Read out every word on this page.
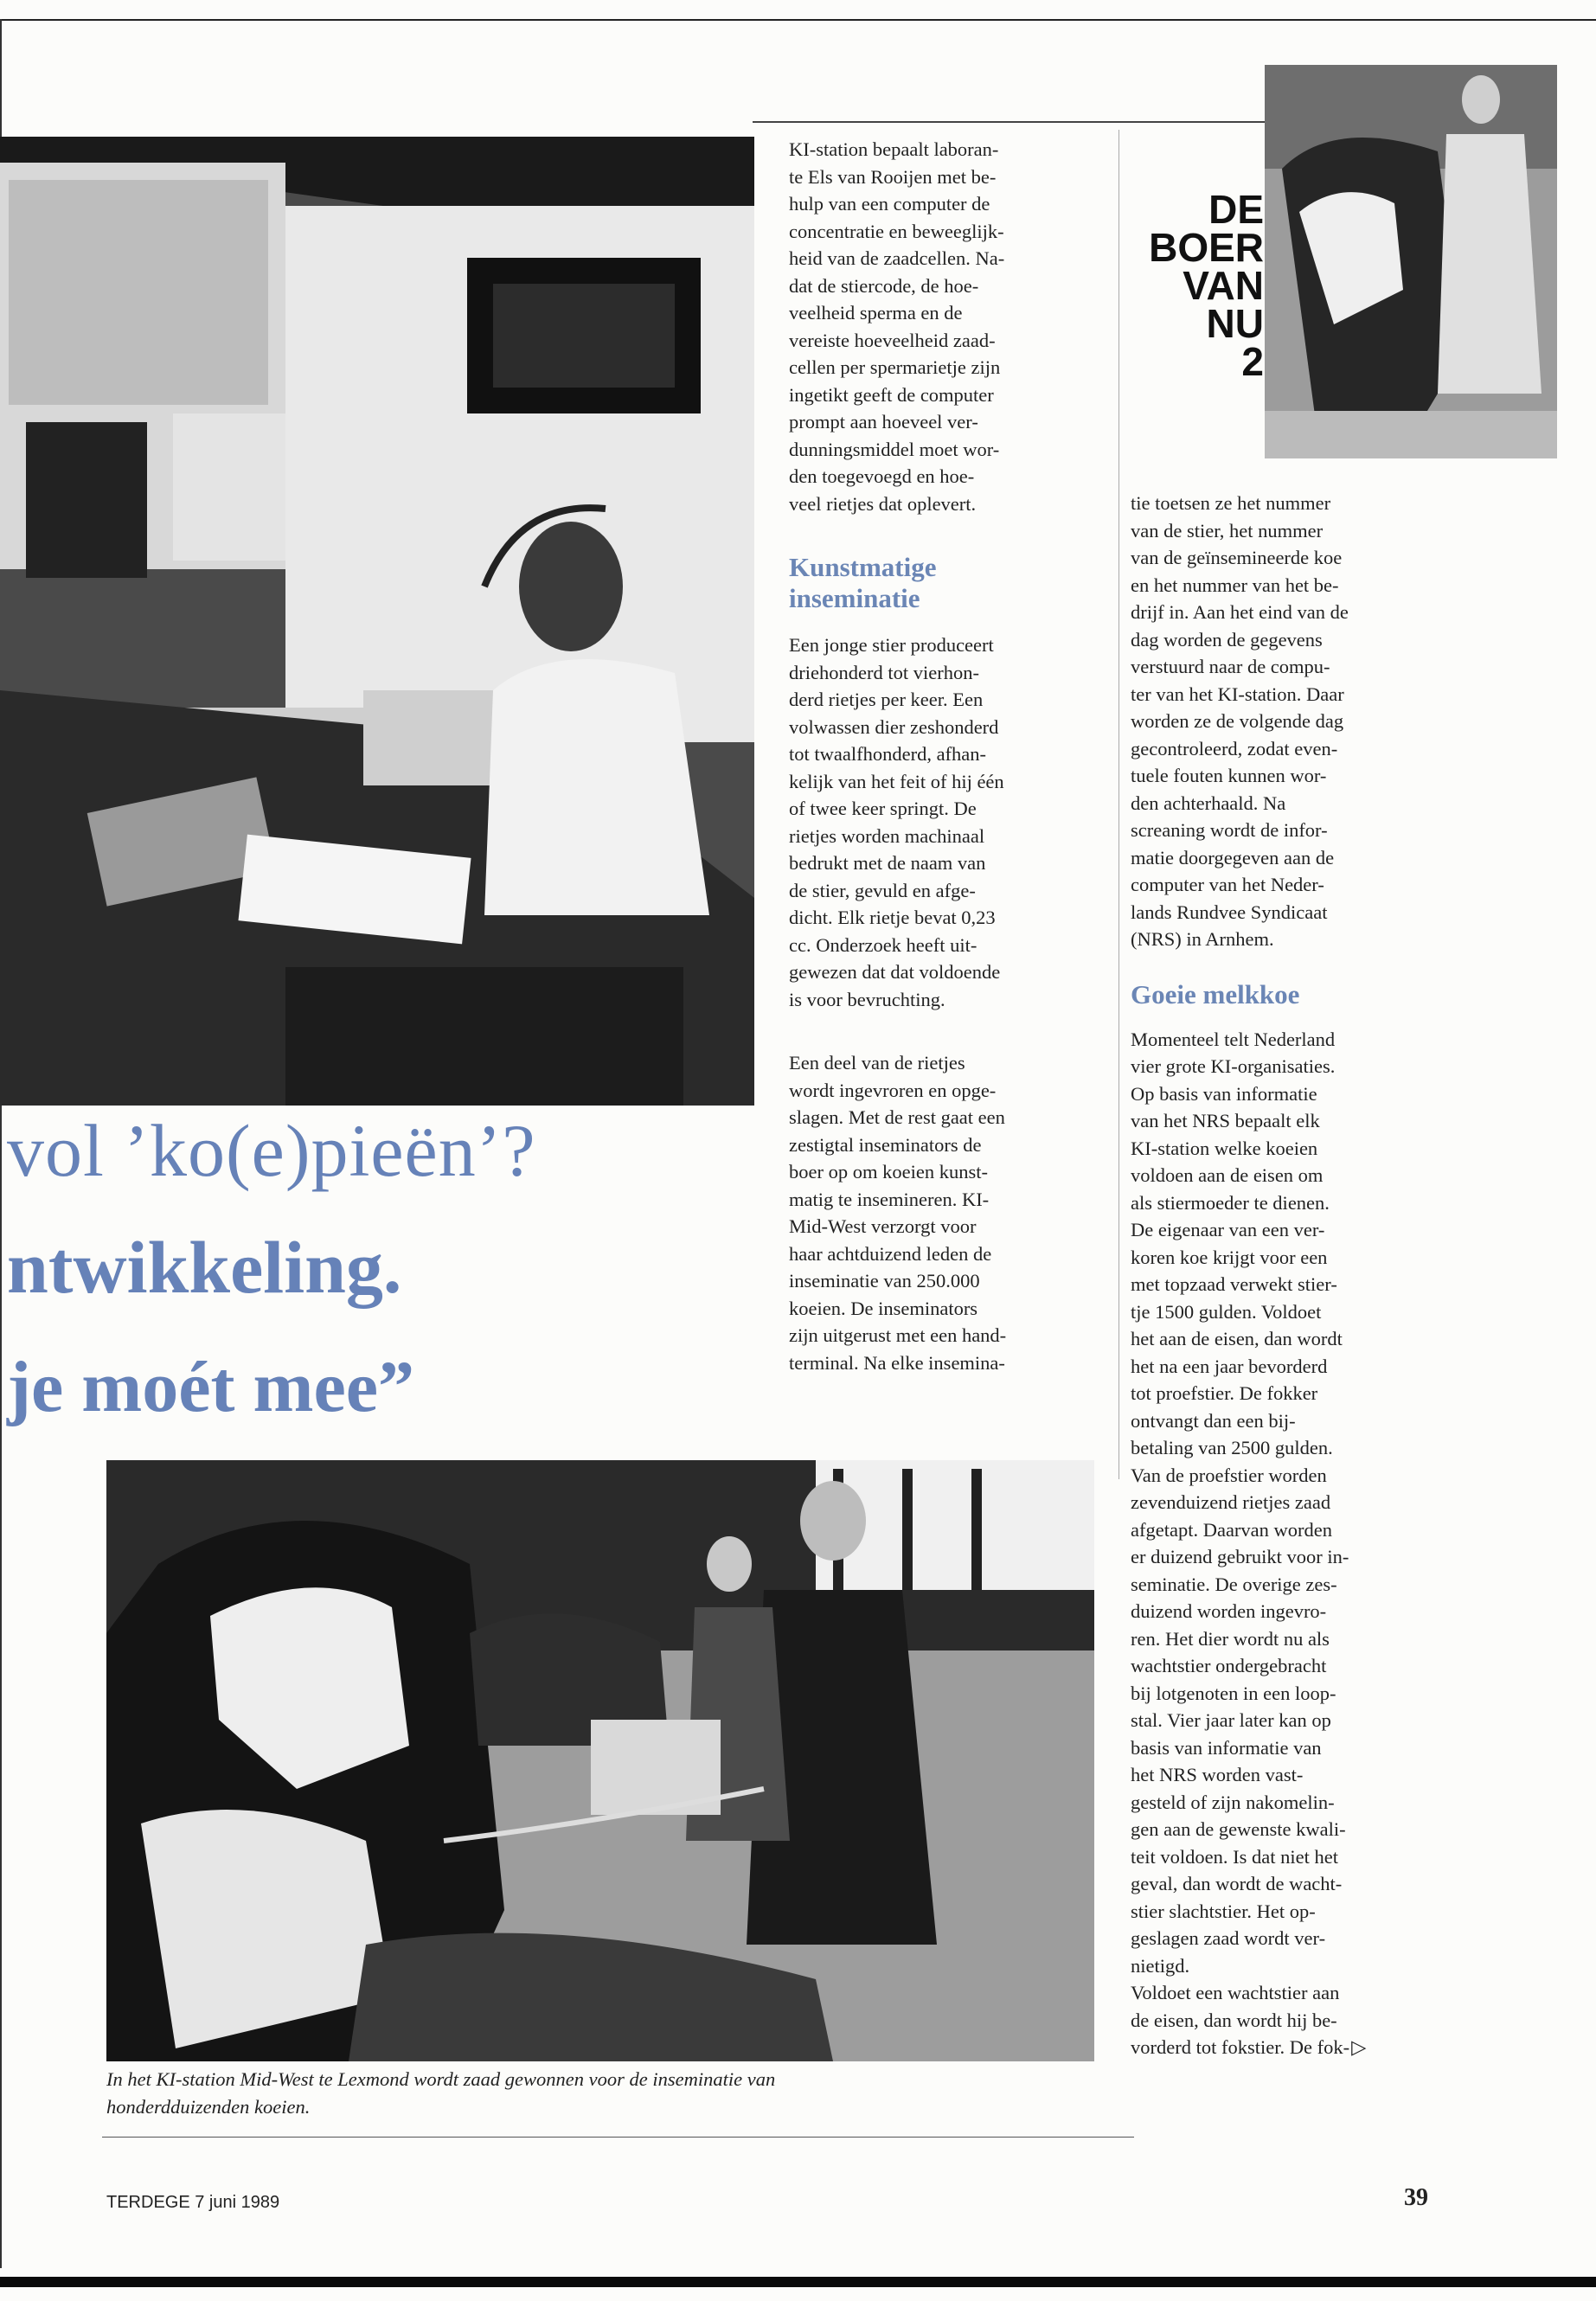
DE
BOER
VAN
NU
2
vol ’ko(e)pieën’?
ntwikkeling.
je moét mee”

KI-station bepaalt laboran-
te Els van Rooijen met be-
hulp van een computer de
concentratie en beweeglijk-
heid van de zaadcellen. Na-
dat de stiercode, de hoe-
veelheid sperma en de
vereiste hoeveelheid zaad-
cellen per spermarietje zijn
ingetikt geeft de computer
prompt aan hoeveel ver-
dunningsmiddel moet wor-
den toegevoegd en hoe-
veel rietjes dat oplevert.

Kunstmatige
inseminatie

Een jonge stier produceert
driehonderd tot vierhon-
derd rietjes per keer. Een
volwassen dier zeshonderd
tot twaalfhonderd, afhan-
kelijk van het feit of hij één
of twee keer springt. De
rietjes worden machinaal
bedrukt met de naam van
de stier, gevuld en afge-
dicht. Elk rietje bevat 0,23
cc. Onderzoek heeft uit-
gewezen dat dat voldoende
is voor bevruchting.

Een deel van de rietjes
wordt ingevroren en opge-
slagen. Met de rest gaat een
zestigtal inseminators de
boer op om koeien kunst-
matig te insemineren. KI-
Mid-West verzorgt voor
haar achtduizend leden de
inseminatie van 250.000
koeien. De inseminators
zijn uitgerust met een hand-
terminal. Na elke insemina-

tie toetsen ze het nummer
van de stier, het nummer
van de geïnsemineerde koe
en het nummer van het be-
drijf in. Aan het eind van de
dag worden de gegevens
verstuurd naar de compu-
ter van het KI-station. Daar
worden ze de volgende dag
gecontroleerd, zodat even-
tuele fouten kunnen wor-
den achterhaald. Na
screaning wordt de infor-
matie doorgegeven aan de
computer van het Neder-
lands Rundvee Syndicaat
(NRS) in Arnhem.

Goeie melkkoe

Momenteel telt Nederland
vier grote KI-organisaties.
Op basis van informatie
van het NRS bepaalt elk
KI-station welke koeien
voldoen aan de eisen om
als stiermoeder te dienen.
De eigenaar van een ver-
koren koe krijgt voor een
met topzaad verwekt stier-
tje 1500 gulden. Voldoet
het aan de eisen, dan wordt
het na een jaar bevorderd
tot proefstier. De fokker
ontvangt dan een bij-
betaling van 2500 gulden.
Van de proefstier worden
zevenduizend rietjes zaad
afgetapt. Daarvan worden
er duizend gebruikt voor in-
seminatie. De overige zes-
duizend worden ingevro-
ren. Het dier wordt nu als
wachtstier ondergebracht
bij lotgenoten in een loop-
stal. Vier jaar later kan op
basis van informatie van
het NRS worden vast-
gesteld of zijn nakomelin-
gen aan de gewenste kwali-
teit voldoen. Is dat niet het
geval, dan wordt de wacht-
stier slachtstier. Het op-
geslagen zaad wordt ver-
nietigd.

Voldoet een wachtstier aan
de eisen, dan wordt hij be-
vorderd tot fokstier. De fok-▷

In het KI-station Mid-West te Lexmond wordt zaad gewonnen voor de inseminatie van
honderdduizenden koeien.
TERDEGE 7 juni 1989	39
